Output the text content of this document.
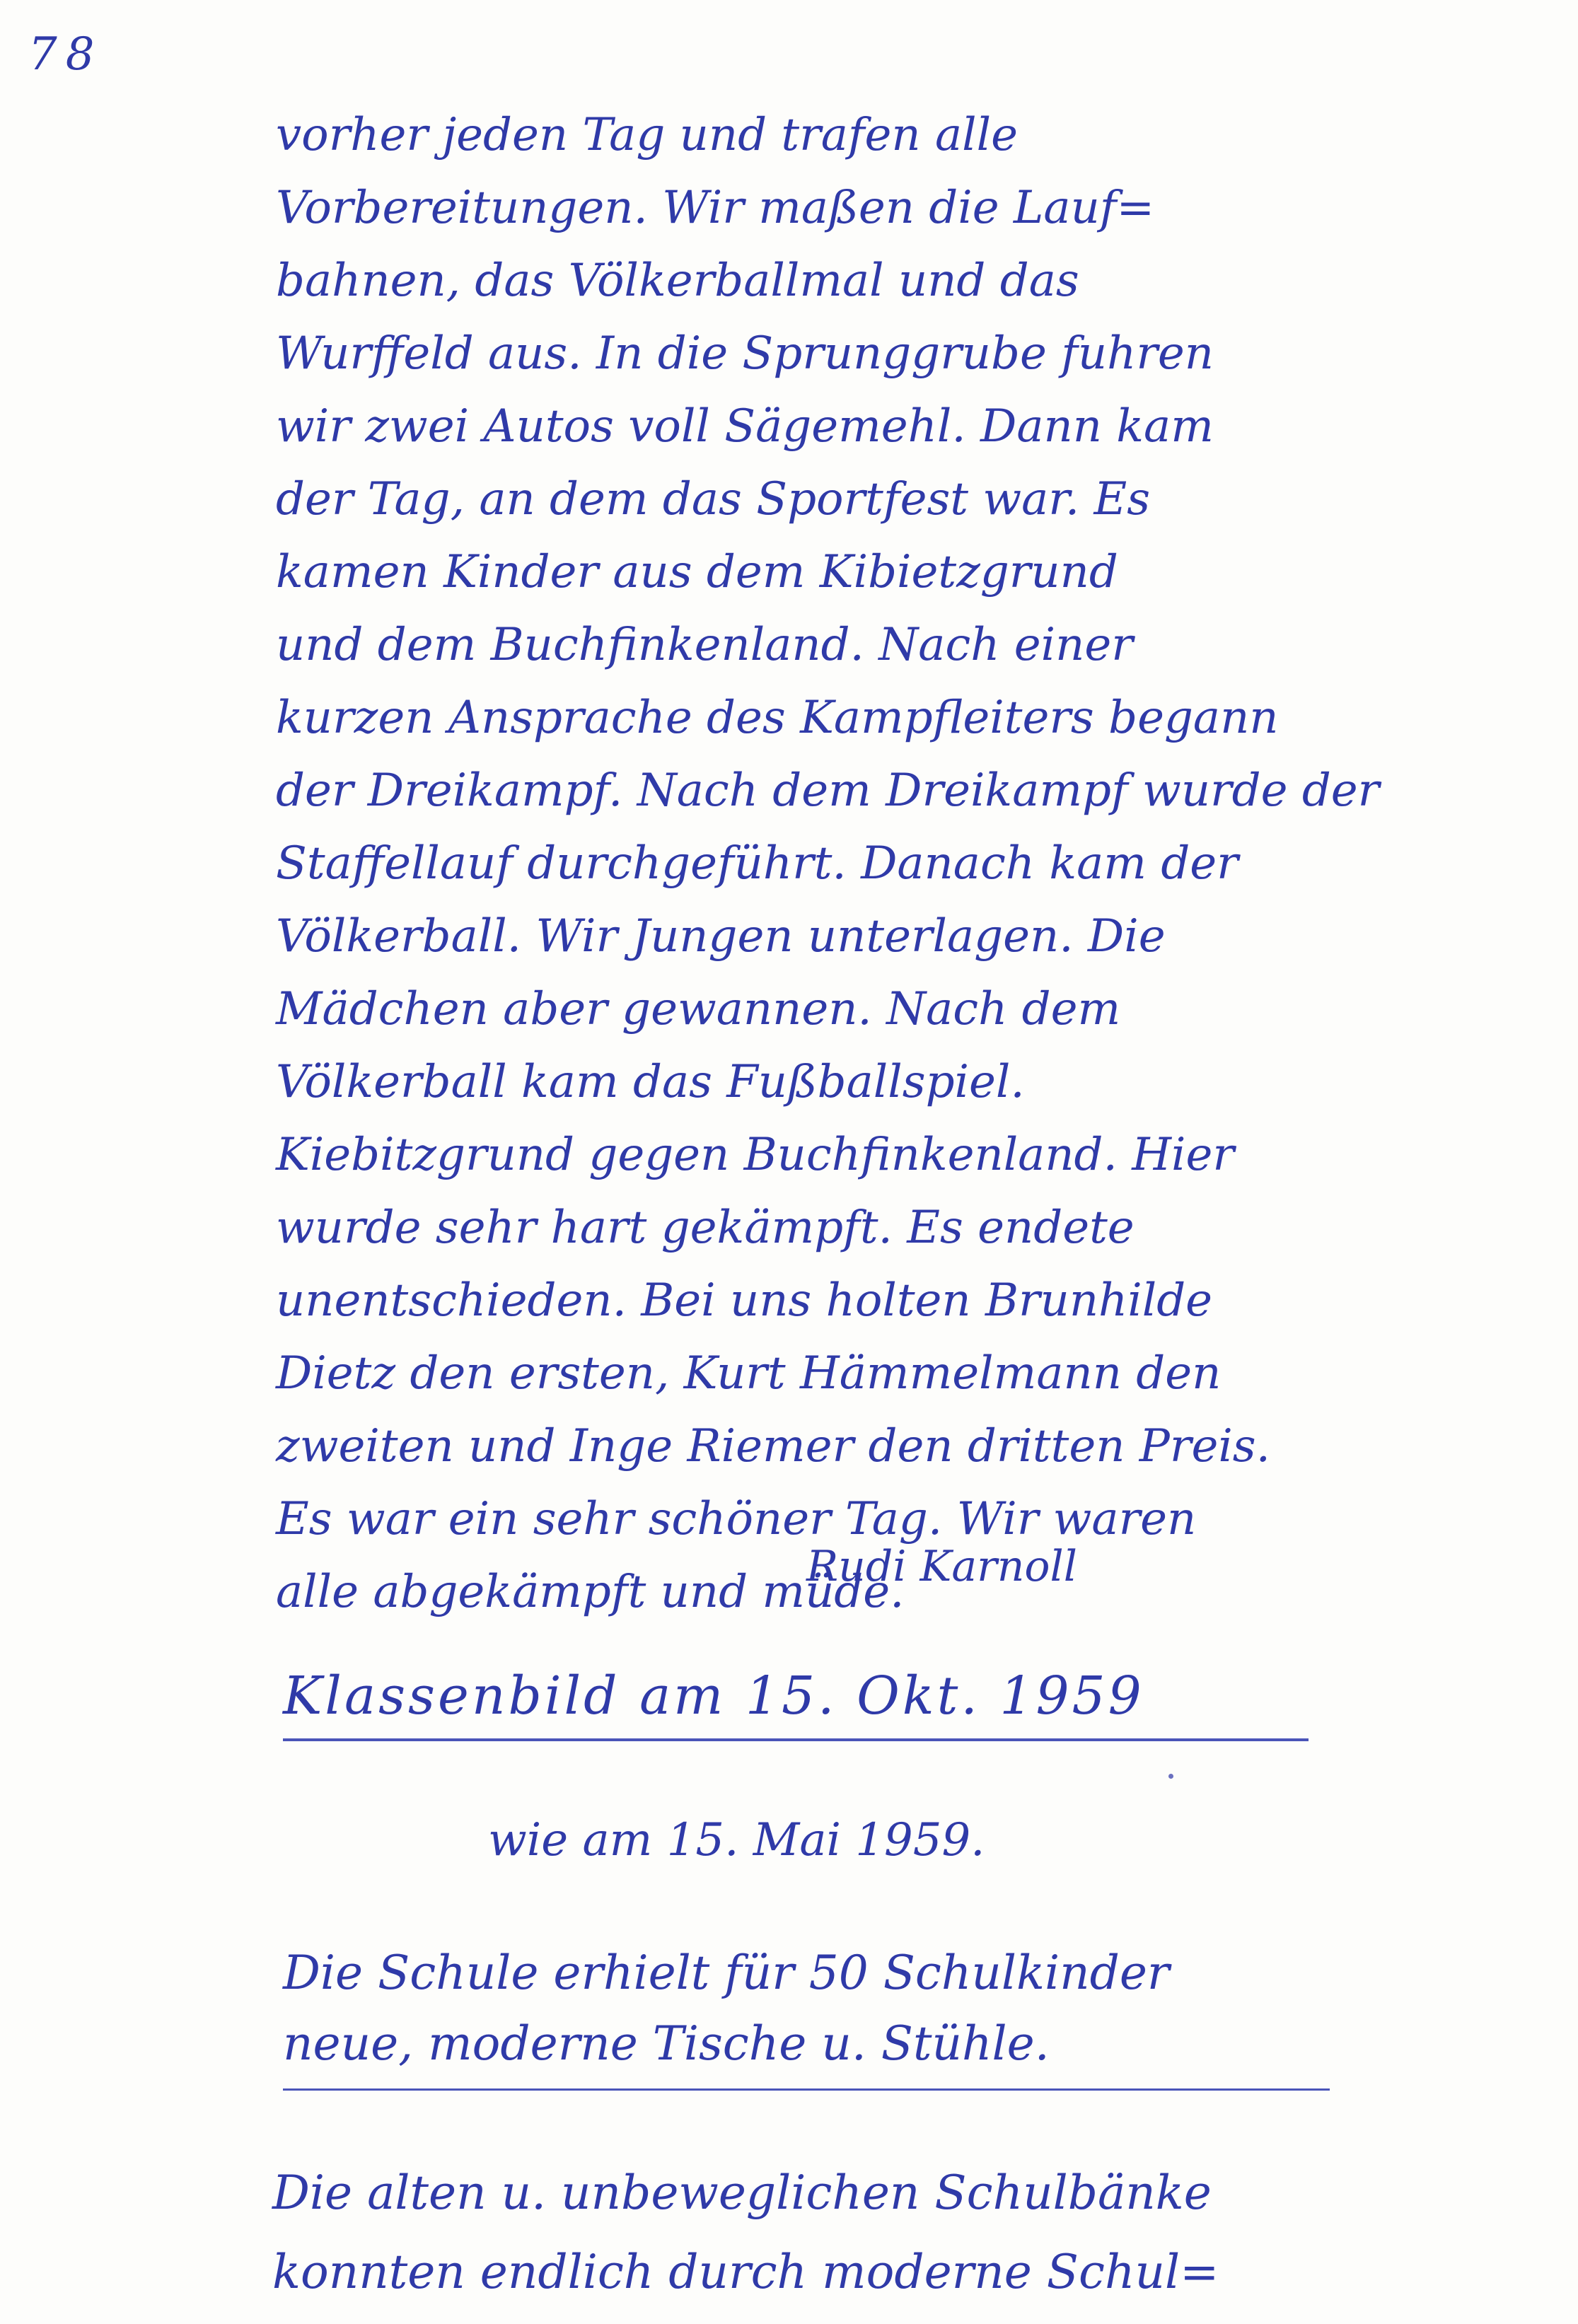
78
vorher jeden Tag und trafen alle
Vorbereitungen. Wir maßen die Lauf=
bahnen, das Völkerballmal und das
Wurffeld aus. In die Sprunggrube fuhren
wir zwei Autos voll Sägemehl. Dann kam
der Tag, an dem das Sportfest war. Es
kamen Kinder aus dem Kibietzgrund
und dem Buchfinkenland. Nach einer
kurzen Ansprache des Kampfleiters begann
der Dreikampf. Nach dem Dreikampf wurde der
Staffellauf durchgeführt. Danach kam der
Völkerball. Wir Jungen unterlagen. Die
Mädchen aber gewannen. Nach dem
Völkerball kam das Fußballspiel.
Kiebitzgrund gegen Buchfinkenland. Hier
wurde sehr hart gekämpft. Es endete
unentschieden. Bei uns holten Brunhilde
Dietz den ersten, Kurt Hämmelmann den
zweiten und Inge Riemer den dritten Preis.
Es war ein sehr schöner Tag. Wir waren
alle abgekämpft und müde.
Rudi Karnoll
Klassenbild am 15. Okt. 1959
wie am 15. Mai 1959.
Die Schule erhielt für 50 Schulkinder
neue, moderne Tische u. Stühle.
Die alten u. unbeweglichen Schulbänke
konnten endlich durch moderne Schul=
